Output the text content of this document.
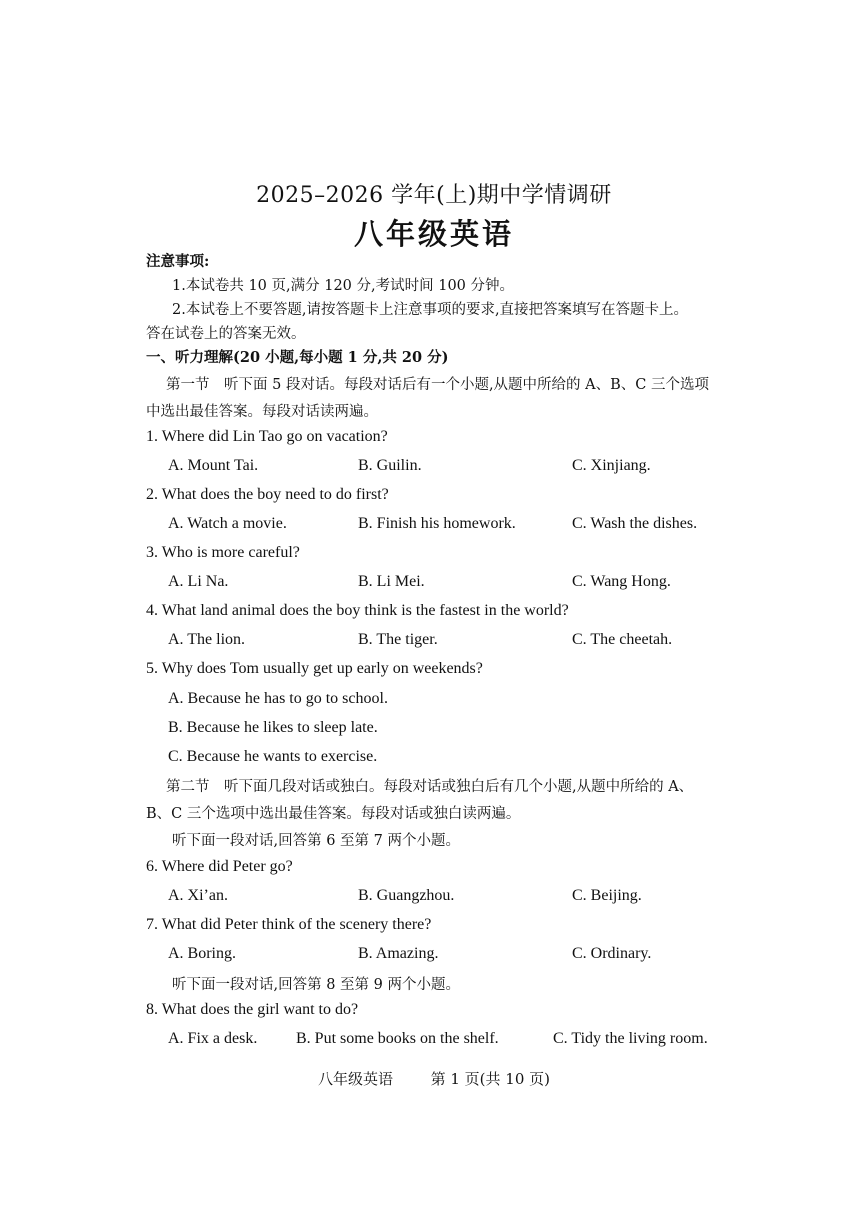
2025–2026 学年(上)期中学情调研
八年级英语
注意事项:
1.本试卷共 10 页,满分 120 分,考试时间 100 分钟。
2.本试卷上不要答题,请按答题卡上注意事项的要求,直接把答案填写在答题卡上。
答在试卷上的答案无效。
一、听力理解(20 小题,每小题 1 分,共 20 分)
第一节　听下面 5 段对话。每段对话后有一个小题,从题中所给的 A、B、C 三个选项
中选出最佳答案。每段对话读两遍。
1. Where did Lin Tao go on vacation?
A. Mount Tai.	B. Guilin.	C. Xinjiang.
2. What does the boy need to do first?
A. Watch a movie.	B. Finish his homework.	C. Wash the dishes.
3. Who is more careful?
A. Li Na.	B. Li Mei.	C. Wang Hong.
4. What land animal does the boy think is the fastest in the world?
A. The lion.	B. The tiger.	C. The cheetah.
5. Why does Tom usually get up early on weekends?
A. Because he has to go to school.
B. Because he likes to sleep late.
C. Because he wants to exercise.
第二节　听下面几段对话或独白。每段对话或独白后有几个小题,从题中所给的 A、
B、C 三个选项中选出最佳答案。每段对话或独白读两遍。
听下面一段对话,回答第 6 至第 7 两个小题。
6. Where did Peter go?
A. Xi’an.	B. Guangzhou.	C. Beijing.
7. What did Peter think of the scenery there?
A. Boring.	B. Amazing.	C. Ordinary.
听下面一段对话,回答第 8 至第 9 两个小题。
8. What does the girl want to do?
A. Fix a desk. B. Put some books on the shelf.	C. Tidy the living room.
八年级英语	第 1 页(共 10 页)
